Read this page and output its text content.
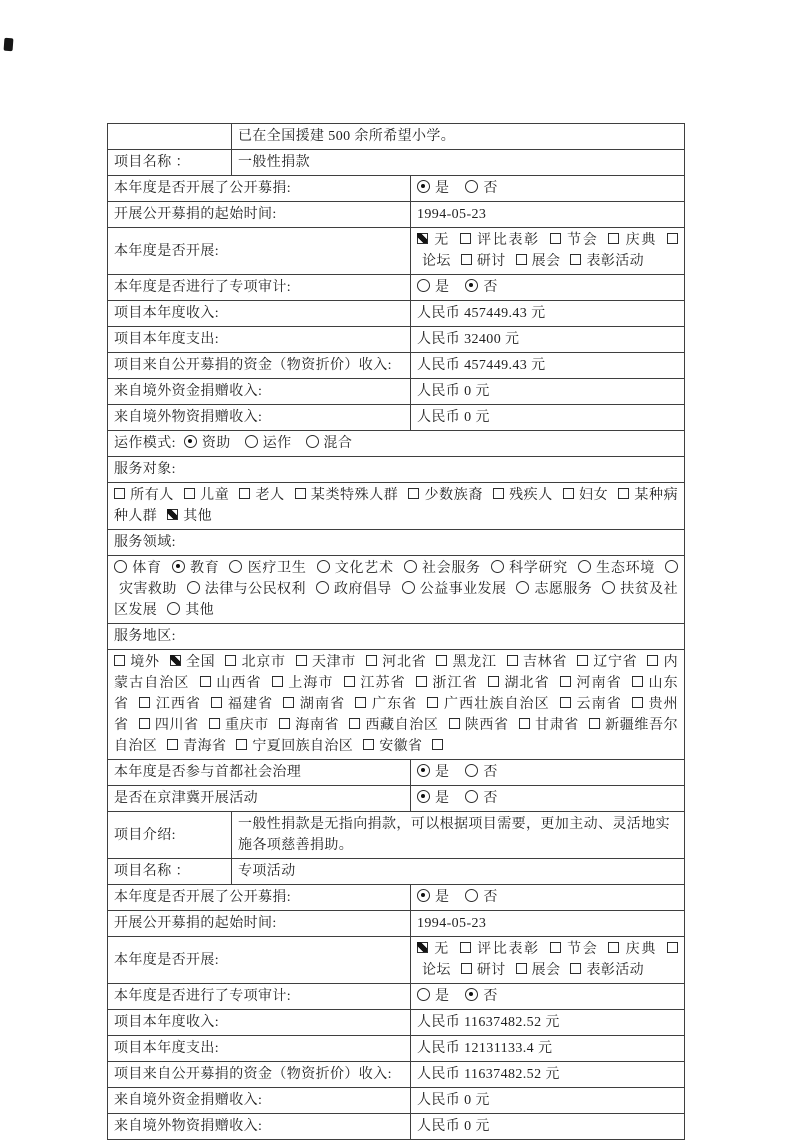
	已在全国援建 500 余所希望小学。	
项目名称 ：	一般性捐款	
本年度是否开展了公开募捐:		是 否
开展公开募捐的起始时间:		1994-05-23
本年度是否开展:		无 评比表彰 节会 庆典论坛 研讨 展会 表彰活动
本年度是否进行了专项审计:		是 否
项目本年度收入:		人民币 457449.43 元
项目本年度支出:		人民币 32400 元
项目来自公开募捐的资金（物资折价）收入:		人民币 457449.43 元
来自境外资金捐赠收入:		人民币 0 元
来自境外物资捐赠收入:		人民币 0 元
运作模式: 资助 运作 混合		
服务对象:		
所有人 儿童 老人 某类特殊人群 少数族裔 残疾人 妇女 某种病种人群 其他		
服务领域:		
体育 教育 医疗卫生 文化艺术 社会服务 科学研究 生态环境灾害救助 法律与公民权利 政府倡导 公益事业发展 志愿服务 扶贫及社区发展 其他		
服务地区:		
境外 全国 北京市 天津市 河北省 黑龙江 吉林省 辽宁省 内蒙古自治区 山西省 上海市 江苏省 浙江省 湖北省 河南省 山东省 江西省 福建省 湖南省 广东省 广西壮族自治区 云南省 贵州省 四川省 重庆市 海南省 西藏自治区 陕西省 甘肃省 新疆维吾尔自治区 青海省 宁夏回族自治区 安徽省		
本年度是否参与首都社会治理		是 否
是否在京津冀开展活动		是 否
项目介绍:	一般性捐款是无指向捐款，可以根据项目需要，更加主动、灵活地实施各项慈善捐助。	
项目名称 ：	专项活动	
本年度是否开展了公开募捐:		是 否
开展公开募捐的起始时间:		1994-05-23
本年度是否开展:		无 评比表彰 节会 庆典论坛 研讨 展会 表彰活动
本年度是否进行了专项审计:		是 否
项目本年度收入:		人民币 11637482.52 元
项目本年度支出:		人民币 12131133.4 元
项目来自公开募捐的资金（物资折价）收入:		人民币 11637482.52 元
来自境外资金捐赠收入:		人民币 0 元
来自境外物资捐赠收入:		人民币 0 元
